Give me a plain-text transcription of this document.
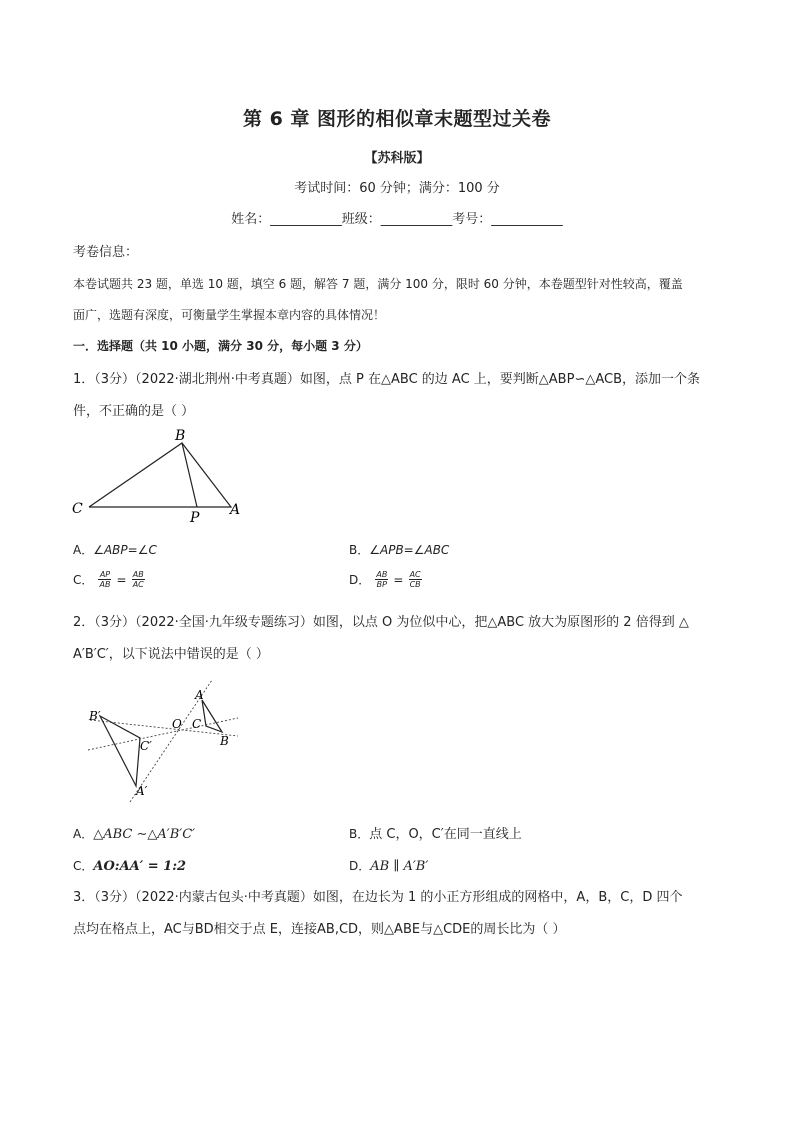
第 6 章 图形的相似章末题型过关卷
【苏科版】
考试时间：60 分钟；满分：100 分
姓名：___________班级：___________考号：___________
考卷信息：
本卷试题共 23 题，单选 10 题，填空 6 题，解答 7 题，满分 100 分，限时 60 分钟，本卷题型针对性较高，覆盖
面广，选题有深度，可衡量学生掌握本章内容的具体情况！
一．选择题（共 10 小题，满分 30 分，每小题 3 分）
1．（3分）（2022·湖北荆州·中考真题）如图，点 P 在△ABC 的边 AC 上，要判断△ABP∽△ACB，添加一个条
件，不正确的是（ ）
B
C
P A
A．∠ABP=∠C	B．∠APB=∠ABC
C． $\frac{AP}{AB} = \frac{AB}{AC}$	D． $\frac{AB}{BP} = \frac{AC}{CB}$
2．（3分）（2022·全国·九年级专题练习）如图，以点 O 为位似中心，把△ABC 放大为原图形的 2 倍得到 △
A′B′C′，以下说法中错误的是（ ）
B′
C′
A′
O
A
C
B
A．△ABC ∼△A′B′C′	B．点 C，O，C′在同一直线上
C．AO:AA′ = 1:2	D．AB ∥ A′B′
3．（3分）（2022·内蒙古包头·中考真题）如图，在边长为 1 的小正方形组成的网格中，A，B，C，D 四个
点均在格点上，AC与BD相交于点 E，连接AB,CD，则△ABE与△CDE的周长比为（ ）
